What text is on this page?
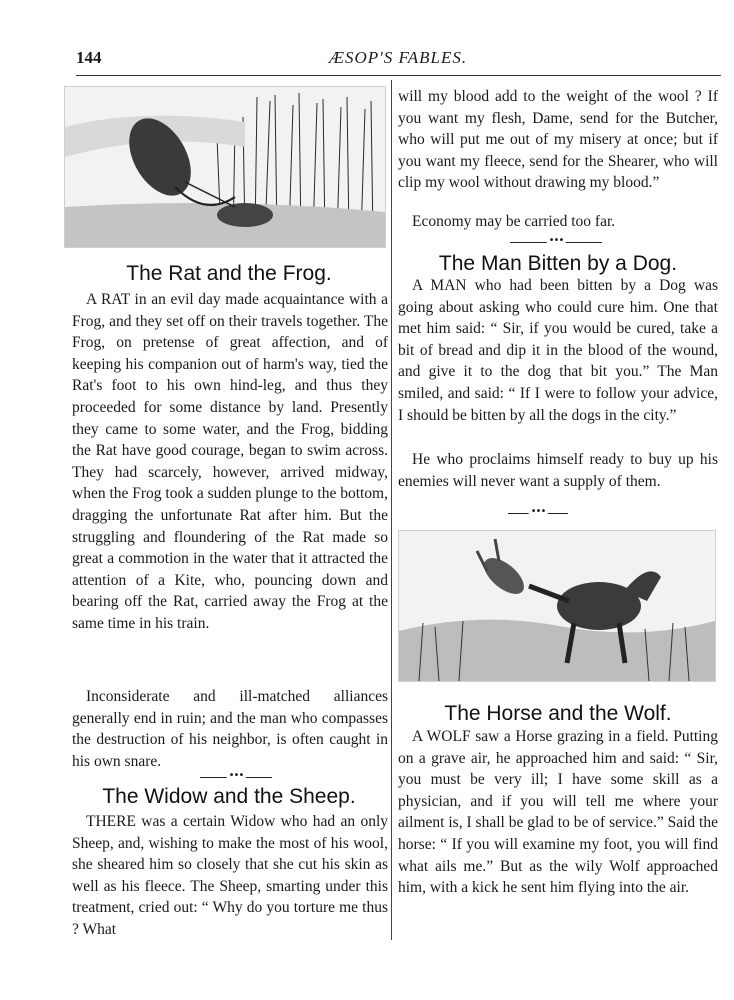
144	ÆSOP'S FABLES.
The Rat and the Frog.

A RAT in an evil day made acquaintance with a Frog, and they set off on their travels together. The Frog, on pretense of great affection, and of keeping his companion out of harm's way, tied the Rat's foot to his own hind-leg, and thus they proceeded for some distance by land. Presently they came to some water, and the Frog, bidding the Rat have good courage, began to swim across. They had scarcely, however, arrived midway, when the Frog took a sudden plunge to the bottom, dragging the unfortunate Rat after him. But the struggling and floundering of the Rat made so great a commotion in the water that it attracted the attention of a Kite, who, pouncing down and bearing off the Rat, carried away the Frog at the same time in his train.

Inconsiderate and ill-matched alliances generally end in ruin; and the man who compasses the destruction of his neighbor, is often caught in his own snare.

•••
The Widow and the Sheep.

THERE was a certain Widow who had an only Sheep, and, wishing to make the most of his wool, she sheared him so closely that she cut his skin as well as his fleece. The Sheep, smarting under this treatment, cried out: “ Why do you torture me thus ? What

will my blood add to the weight of the wool ? If you want my flesh, Dame, send for the Butcher, who will put me out of my misery at once; but if you want my fleece, send for the Shearer, who will clip my wool without drawing my blood.”

Economy may be carried too far.

•••
The Man Bitten by a Dog.

A MAN who had been bitten by a Dog was going about asking who could cure him. One that met him said: “ Sir, if you would be cured, take a bit of bread and dip it in the blood of the wound, and give it to the dog that bit you.” The Man smiled, and said: “ If I were to follow your advice, I should be bitten by all the dogs in the city.”

He who proclaims himself ready to buy up his enemies will never want a supply of them.

•••
The Horse and the Wolf.

A WOLF saw a Horse grazing in a field. Putting on a grave air, he approached him and said: “ Sir, you must be very ill; I have some skill as a physician, and if you will tell me where your ailment is, I shall be glad to be of service.” Said the horse: “ If you will examine my foot, you will find what ails me.” But as the wily Wolf approached him, with a kick he sent him flying into the air.
